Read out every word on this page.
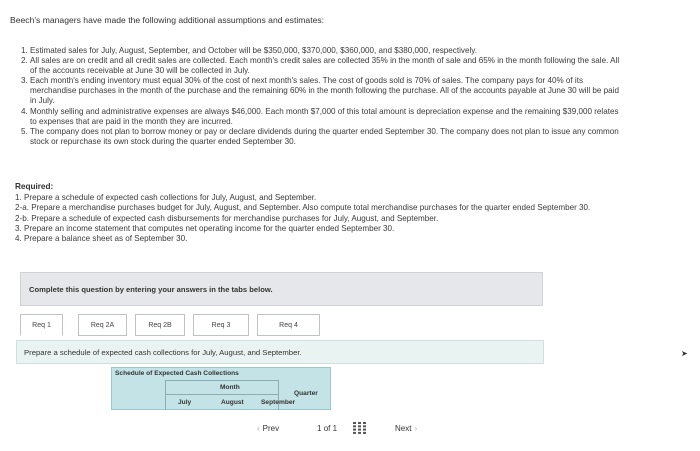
Beech's managers have made the following additional assumptions and estimates:
1. Estimated sales for July, August, September, and October will be $350,000, $370,000, $360,000, and $380,000, respectively.
2. All sales are on credit and all credit sales are collected. Each month's credit sales are collected 35% in the month of sale and 65% in the month following the sale. All of the accounts receivable at June 30 will be collected in July.
3. Each month's ending inventory must equal 30% of the cost of next month's sales. The cost of goods sold is 70% of sales. The company pays for 40% of its merchandise purchases in the month of the purchase and the remaining 60% in the month following the purchase. All of the accounts payable at June 30 will be paid in July.
4. Monthly selling and administrative expenses are always $46,000. Each month $7,000 of this total amount is depreciation expense and the remaining $39,000 relates to expenses that are paid in the month they are incurred.
5. The company does not plan to borrow money or pay or declare dividends during the quarter ended September 30. The company does not plan to issue any common stock or repurchase its own stock during the quarter ended September 30.
Required:
1. Prepare a schedule of expected cash collections for July, August, and September.
2-a. Prepare a merchandise purchases budget for July, August, and September. Also compute total merchandise purchases for the quarter ended September 30.
2-b. Prepare a schedule of expected cash disbursements for merchandise purchases for July, August, and September.
3. Prepare an income statement that computes net operating income for the quarter ended September 30.
4. Prepare a balance sheet as of September 30.
Complete this question by entering your answers in the tabs below.
Req 1	Req 2A	Req 2B	Req 3	Req 4
Prepare a schedule of expected cash collections for July, August, and September.
Schedule of Expected Cash Collections
Month
July	August	September
Quarter
‹ Prev	1 of 1	Next ›
➤
